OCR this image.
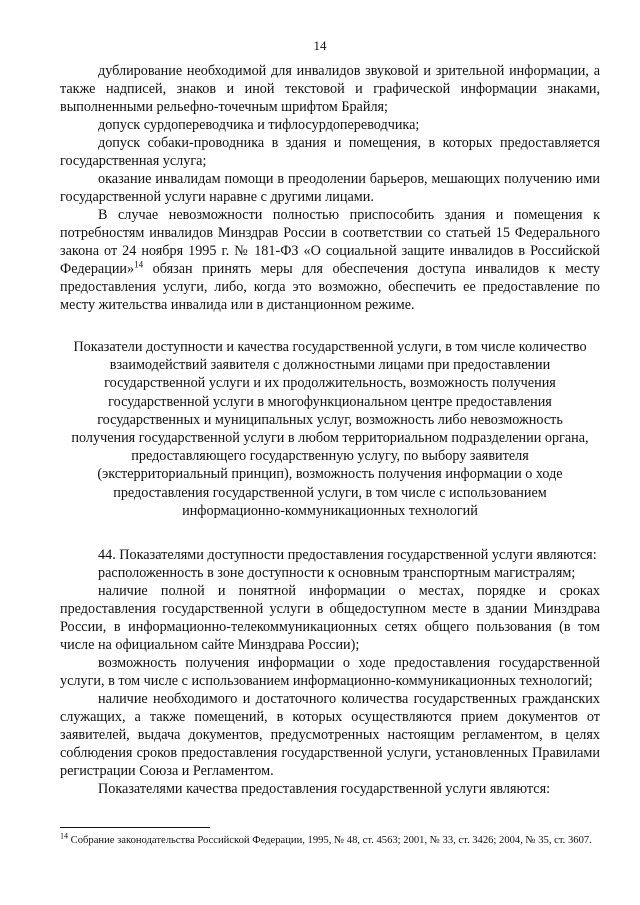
14

дублирование необходимой для инвалидов звуковой и зрительной информации, а также надписей, знаков и иной текстовой и графической информации знаками, выполненными рельефно-точечным шрифтом Брайля;

допуск сурдопереводчика и тифлосурдопереводчика;

допуск собаки-проводника в здания и помещения, в которых предоставляется государственная услуга;

оказание инвалидам помощи в преодолении барьеров, мешающих получению ими государственной услуги наравне с другими лицами.

В случае невозможности полностью приспособить здания и помещения к потребностям инвалидов Минздрав России в соответствии со статьей 15 Федерального закона от 24 ноября 1995 г. № 181-ФЗ «О социальной защите инвалидов в Российской Федерации»$^{14}$ обязан принять меры для обеспечения доступа инвалидов к месту предоставления услуги, либо, когда это возможно, обеспечить ее предоставление по месту жительства инвалида или в дистанционном режиме.

Показатели доступности и качества государственной услуги, в том числе количество взаимодействий заявителя с должностными лицами при предоставлении государственной услуги и их продолжительность, возможность получения государственной услуги в многофункциональном центре предоставления государственных и муниципальных услуг, возможность либо невозможность получения государственной услуги в любом территориальном подразделении органа, предоставляющего государственную услугу, по выбору заявителя (экстерриториальный принцип), возможность получения информации о ходе предоставления государственной услуги, в том числе с использованием информационно-коммуникационных технологий

44. Показателями доступности предоставления государственной услуги являются:

расположенность в зоне доступности к основным транспортным магистралям;

наличие полной и понятной информации о местах, порядке и сроках предоставления государственной услуги в общедоступном месте в здании Минздрава России, в информационно-телекоммуникационных сетях общего пользования (в том числе на официальном сайте Минздрава России);

возможность получения информации о ходе предоставления государственной услуги, в том числе с использованием информационно-коммуникационных технологий;

наличие необходимого и достаточного количества государственных гражданских служащих, а также помещений, в которых осуществляются прием документов от заявителей, выдача документов, предусмотренных настоящим регламентом, в целях соблюдения сроков предоставления государственной услуги, установленных Правилами регистрации Союза и Регламентом.

Показателями качества предоставления государственной услуги являются:

$^{14}$ Собрание законодательства Российской Федерации, 1995, № 48, ст. 4563; 2001, № 33, ст. 3426; 2004, № 35, ст. 3607.
